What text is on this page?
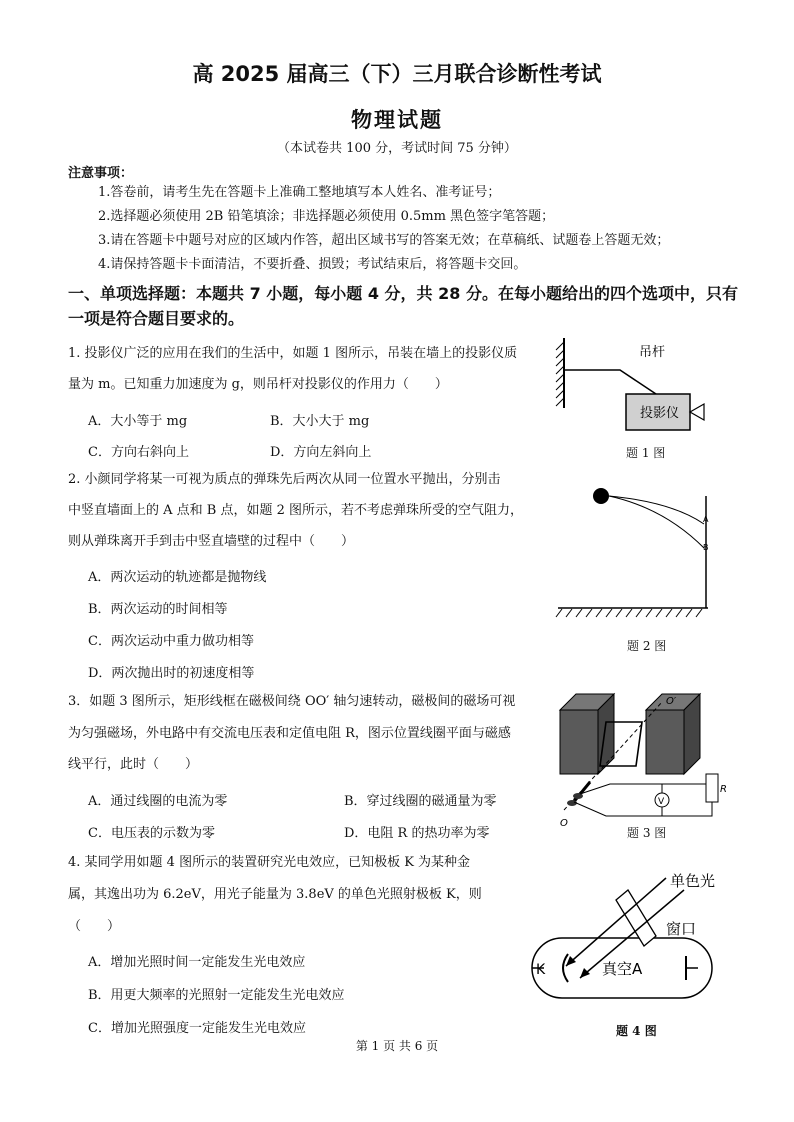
高 2025 届高三（下）三月联合诊断性考试
物理试题
（本试卷共 100 分，考试时间 75 分钟）
注意事项：
1.答卷前，请考生先在答题卡上准确工整地填写本人姓名、准考证号；
2.选择题必须使用 2B 铅笔填涂；非选择题必须使用 0.5mm 黑色签字笔答题；
3.请在答题卡中题号对应的区域内作答，超出区域书写的答案无效；在草稿纸、试题卷上答题无效；
4.请保持答题卡卡面清洁，不要折叠、损毁；考试结束后，将答题卡交回。
一、单项选择题：本题共 7 小题，每小题 4 分，共 28 分。在每小题给出的四个选项中，只有
一项是符合题目要求的。
1. 投影仪广泛的应用在我们的生活中，如题 1 图所示，吊装在墙上的投影仪质
量为 m。已知重力加速度为 g，则吊杆对投影仪的作用力（　　）
A．大小等于 mg	B．大小大于 mg
C．方向右斜向上	D．方向左斜向上
吊杆
投影仪
题 1 图
2. 小颜同学将某一可视为质点的弹珠先后两次从同一位置水平抛出，分别击
中竖直墙面上的 A 点和 B 点，如题 2 图所示，若不考虑弹珠所受的空气阻力，
则从弹珠离开手到击中竖直墙壁的过程中（　　）
A．两次运动的轨迹都是抛物线
B．两次运动的时间相等
C．两次运动中重力做功相等
D．两次抛出时的初速度相等
A
B
题 2 图
3．如题 3 图所示，矩形线框在磁极间绕 OO′ 轴匀速转动，磁极间的磁场可视
为匀强磁场，外电路中有交流电压表和定值电阻 R，图示位置线圈平面与磁感
线平行，此时（　　）
A．通过线圈的电流为零	B．穿过线圈的磁通量为零
C．电压表的示数为零	D．电阻 R 的热功率为零
V
R
O′
O
题 3 图
4. 某同学用如题 4 图所示的装置研究光电效应，已知极板 K 为某种金
属，其逸出功为 6.2eV，用光子能量为 3.8eV 的单色光照射极板 K，则
（　　）
A．增加光照时间一定能发生光电效应
B．用更大频率的光照射一定能发生光电效应
C．增加光照强度一定能发生光电效应
单色光
窗口
K	真空A
题 4 图
第 1 页 共 6 页
